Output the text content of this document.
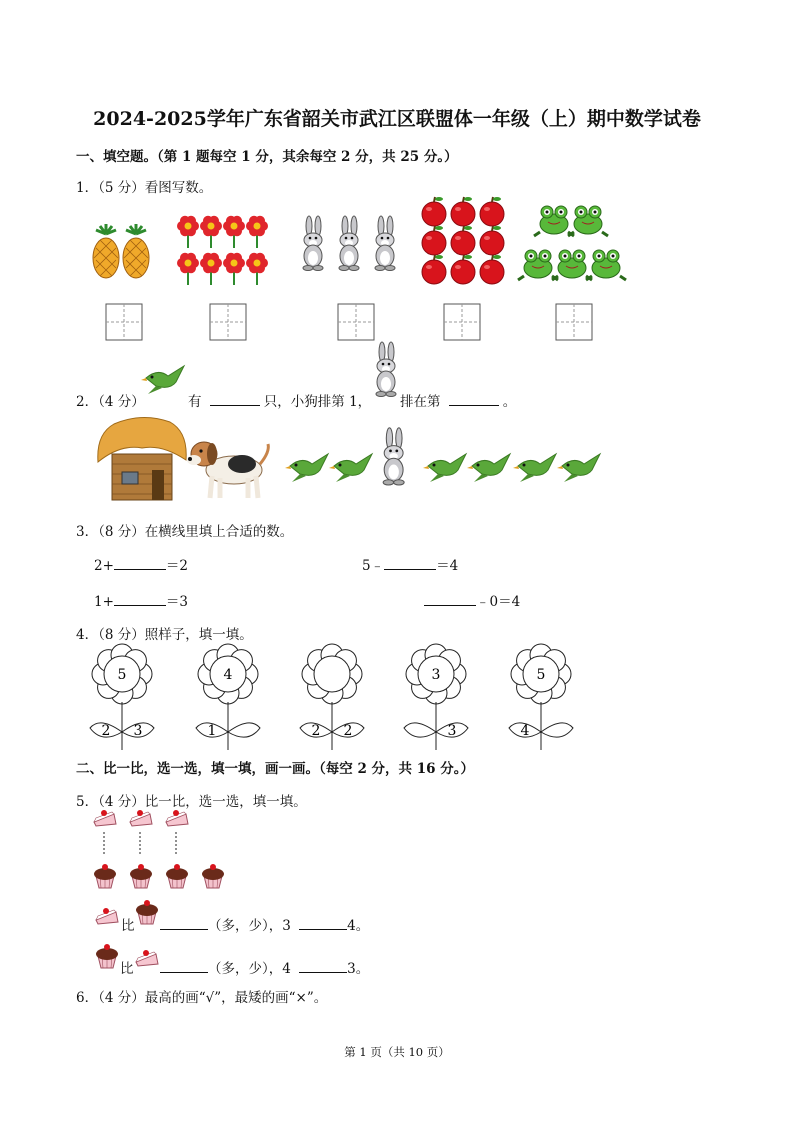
2024-2025学年广东省韶关市武江区联盟体一年级（上）期中数学试卷
一、填空题。（第 1 题每空 1 分，其余每空 2 分，共 25 分。）
1．（5 分）看图写数。
2．（4 分）	有	只，小狗排第 1， 排在第	。
3．（8 分）在横线里填上合适的数。
2+	＝2	5﹣	＝4
1+	＝3	﹣0＝4
4．（8 分）照样子，填一填。
5
2 3
4
1	2 2
3
3
5
4
二、比一比，选一选，填一填，画一画。（每空 2 分，共 16 分。）
5．（4 分）比一比，选一选，填一填。
比	（多，少），3	4。
比	（多，少），4	3。
6．（4 分）最高的画“√”，最矮的画“×”。
第 1 页（共 10 页）
